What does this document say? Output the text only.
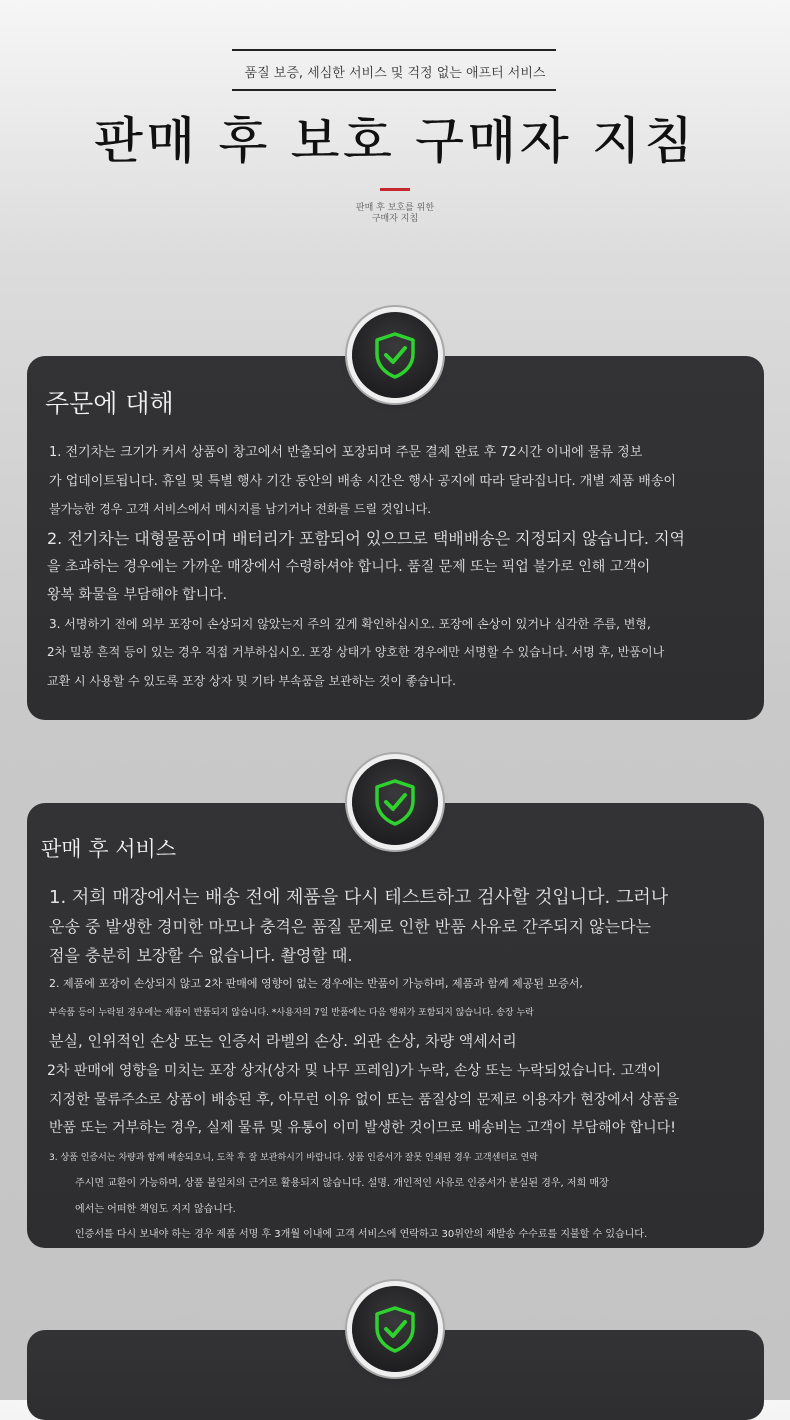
품질 보증, 세심한 서비스 및 걱정 없는 애프터 서비스
판매 후 보호 구매자 지침
판매 후 보호를 위한
구매자 지침
주문에 대해

1. 전기차는 크기가 커서 상품이 창고에서 반출되어 포장되며 주문 결제 완료 후 72시간 이내에 물류 정보

가 업데이트됩니다. 휴일 및 특별 행사 기간 동안의 배송 시간은 행사 공지에 따라 달라집니다. 개별 제품 배송이

불가능한 경우 고객 서비스에서 메시지를 남기거나 전화를 드릴 것입니다.

2. 전기차는 대형물품이며 배터리가 포함되어 있으므로 택배배송은 지정되지 않습니다. 지역

을 초과하는 경우에는 가까운 매장에서 수령하셔야 합니다. 품질 문제 또는 픽업 불가로 인해 고객이

왕복 화물을 부담해야 합니다.

3. 서명하기 전에 외부 포장이 손상되지 않았는지 주의 깊게 확인하십시오. 포장에 손상이 있거나 심각한 주름, 변형,

2차 밀봉 흔적 등이 있는 경우 직접 거부하십시오. 포장 상태가 양호한 경우에만 서명할 수 있습니다. 서명 후, 반품이나

교환 시 사용할 수 있도록 포장 상자 및 기타 부속품을 보관하는 것이 좋습니다.

판매 후 서비스

1. 저희 매장에서는 배송 전에 제품을 다시 테스트하고 검사할 것입니다. 그러나

운송 중 발생한 경미한 마모나 충격은 품질 문제로 인한 반품 사유로 간주되지 않는다는

점을 충분히 보장할 수 없습니다. 촬영할 때.

2. 제품에 포장이 손상되지 않고 2차 판매에 영향이 없는 경우에는 반품이 가능하며, 제품과 함께 제공된 보증서,

부속품 등이 누락된 경우에는 제품이 반품되지 않습니다. *사용자의 7일 반품에는 다음 행위가 포함되지 않습니다. 송장 누락

분실, 인위적인 손상 또는 인증서 라벨의 손상. 외관 손상, 차량 액세서리

2차 판매에 영향을 미치는 포장 상자(상자 및 나무 프레임)가 누락, 손상 또는 누락되었습니다. 고객이

지정한 물류주소로 상품이 배송된 후, 아무런 이유 없이 또는 품질상의 문제로 이용자가 현장에서 상품을

반품 또는 거부하는 경우, 실제 물류 및 유통이 이미 발생한 것이므로 배송비는 고객이 부담해야 합니다!

3. 상품 인증서는 차량과 함께 배송되오니, 도착 후 잘 보관하시기 바랍니다. 상품 인증서가 잘못 인쇄된 경우 고객센터로 연락

주시면 교환이 가능하며, 상품 불일치의 근거로 활용되지 않습니다. 설명. 개인적인 사유로 인증서가 분실된 경우, 저희 매장

에서는 어떠한 책임도 지지 않습니다.

인증서를 다시 보내야 하는 경우 제품 서명 후 3개월 이내에 고객 서비스에 연락하고 30위안의 재발송 수수료를 지불할 수 있습니다.
